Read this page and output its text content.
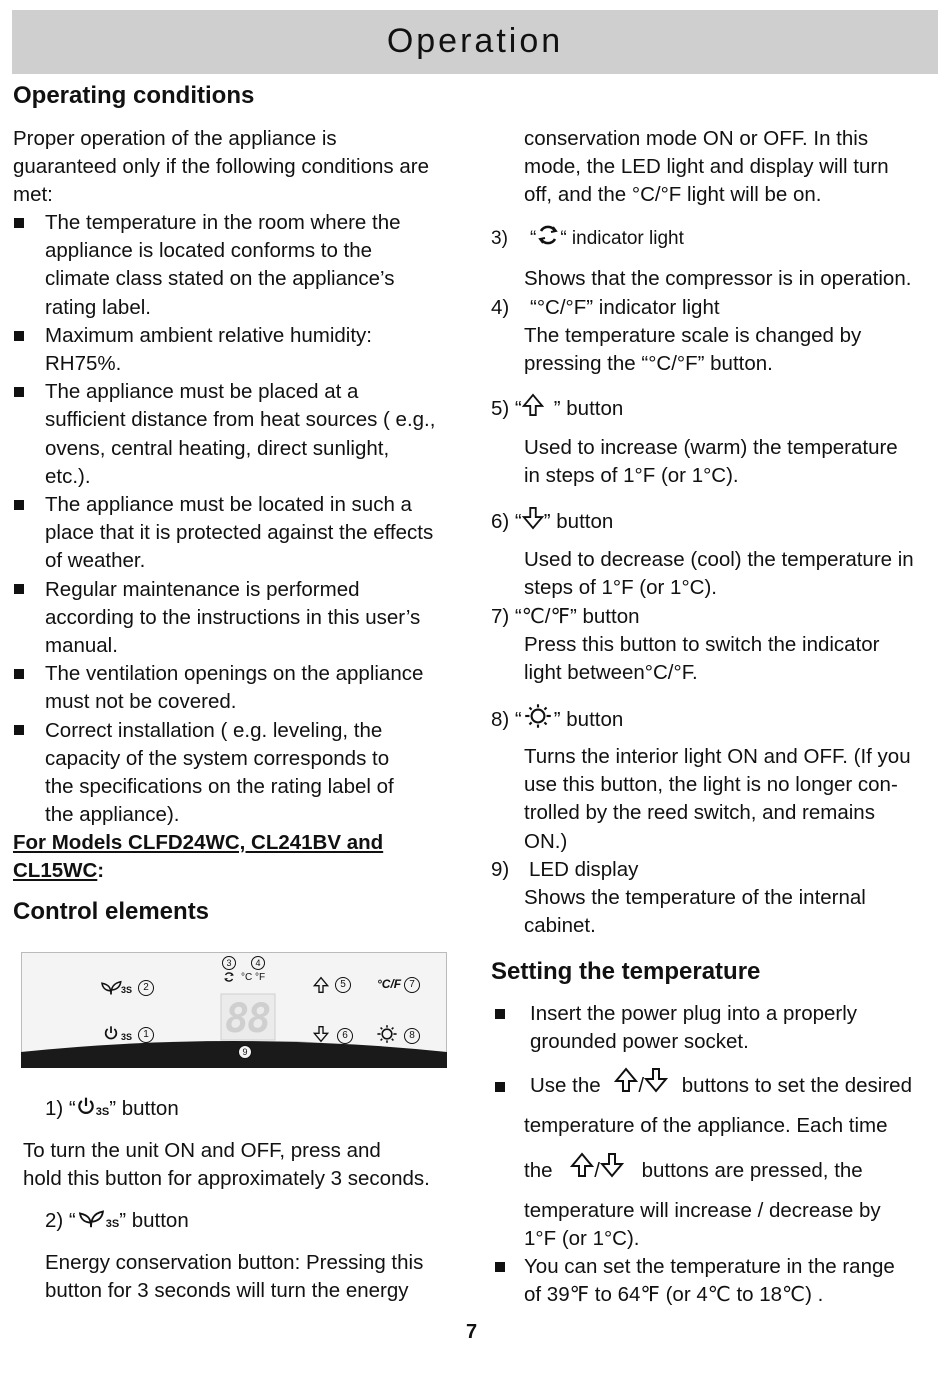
Operation
Operating conditions
Proper operation of the appliance is
guaranteed only if the following conditions are
met:
The temperature in the room where the
appliance is located conforms to the
climate class stated on the appliance’s
rating label.
Maximum ambient relative humidity:
RH75%.
The appliance must be placed at a
sufficient distance from heat sources ( e.g.,
ovens, central heating, direct sunlight,
etc.).
The appliance must be located in such a
place that it is protected against the effects
of weather.
Regular maintenance is performed
according to the instructions in this user’s
manual.
The ventilation openings on the appliance
must not be covered.
Correct installation ( e.g. leveling, the
capacity of the system corresponds to
the specifications on the rating label of
the appliance).
For Models CLFD24WC, CL241BV and
CL15WC:
Control elements
3S
3S
°C °F	°C/F
88
2
1
3	4
5
6
7
8
9
1) “ 3S” button
To turn the unit ON and OFF, press and
hold this button for approximately 3 seconds.
2) “	3S” button
Energy conservation button: Pressing this
button for 3 seconds will turn the energy
conservation mode ON or OFF. In this
mode, the LED light and display will turn
off, and the °C/°F light will be on.
3) “ “ indicator light
Shows that the compressor is in operation.
4) “°C/°F” indicator light
The temperature scale is changed by
pressing the “°C/°F” button.
5) “ ” button
Used to increase (warm) the temperature
in steps of 1°F (or 1°C).
6) “ ” button
Used to decrease (cool) the temperature in
steps of 1°F (or 1°C).
7) “℃/℉” button
Press this button to switch the indicator
light between°C/°F.
8) “ ” button
Turns the interior light ON and OFF. (If you
use this button, the light is no longer con-
trolled by the reed switch, and remains
ON.)
9) LED display
Shows the temperature of the internal
cabinet.
Setting the temperature
Insert the power plug into a properly
grounded power socket.
Use the / buttons to set the desired
temperature of the appliance. Each time
the / buttons are pressed, the
temperature will increase / decrease by
1°F (or 1°C).
You can set the temperature in the range
of 39℉ to 64℉ (or 4℃ to 18℃) .
7
